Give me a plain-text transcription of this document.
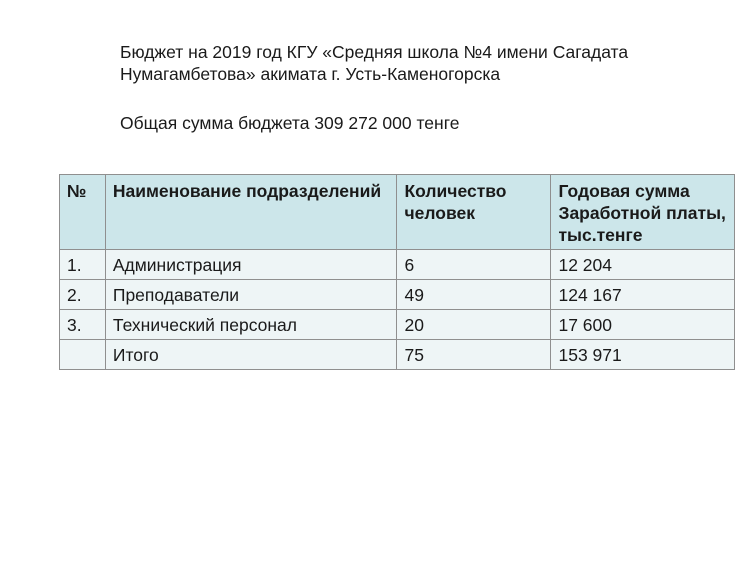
Бюджет на 2019 год КГУ «Средняя школа №4 имени Сагадата

Нумагамбетова» акимата г. Усть-Каменогорска

Общая сумма бюджета 309 272 000 тенге
№	Наименование подразделений	Количество человек	Годовая сумма Заработной платы, тыс.тенге
1.	Администрация	6	12 204
2.	Преподаватели	49	124 167
3.	Технический персонал	20	17 600
	Итого	75	153 971
